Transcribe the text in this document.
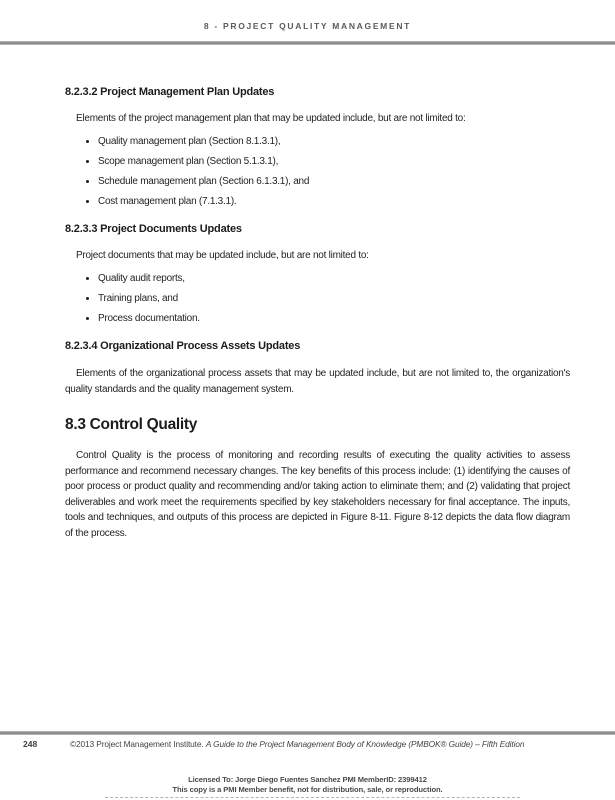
8 - PROJECT QUALITY MANAGEMENT
8.2.3.2 Project Management Plan Updates

Elements of the project management plan that may be updated include, but are not limited to:

• Quality management plan (Section 8.1.3.1),
• Scope management plan (Section 5.1.3.1),
• Schedule management plan (Section 6.1.3.1), and
• Cost management plan (7.1.3.1).
8.2.3.3 Project Documents Updates

Project documents that may be updated include, but are not limited to:

• Quality audit reports,
• Training plans, and
• Process documentation.
8.2.3.4 Organizational Process Assets Updates

Elements of the organizational process assets that may be updated include, but are not limited to, the organization's quality standards and the quality management system.

8.3 Control Quality

Control Quality is the process of monitoring and recording results of executing the quality activities to assess performance and recommend necessary changes. The key benefits of this process include: (1) identifying the causes of poor process or product quality and recommending and/or taking action to eliminate them; and (2) validating that project deliverables and work meet the requirements specified by key stakeholders necessary for final acceptance. The inputs, tools and techniques, and outputs of this process are depicted in Figure 8-11. Figure 8-12 depicts the data flow diagram of the process.

248	©2013 Project Management Institute. A Guide to the Project Management Body of Knowledge (PMBOK® Guide) – Fifth Edition
Licensed To: Jorge Diego Fuentes Sanchez PMI MemberID: 2399412
This copy is a PMI Member benefit, not for distribution, sale, or reproduction.
